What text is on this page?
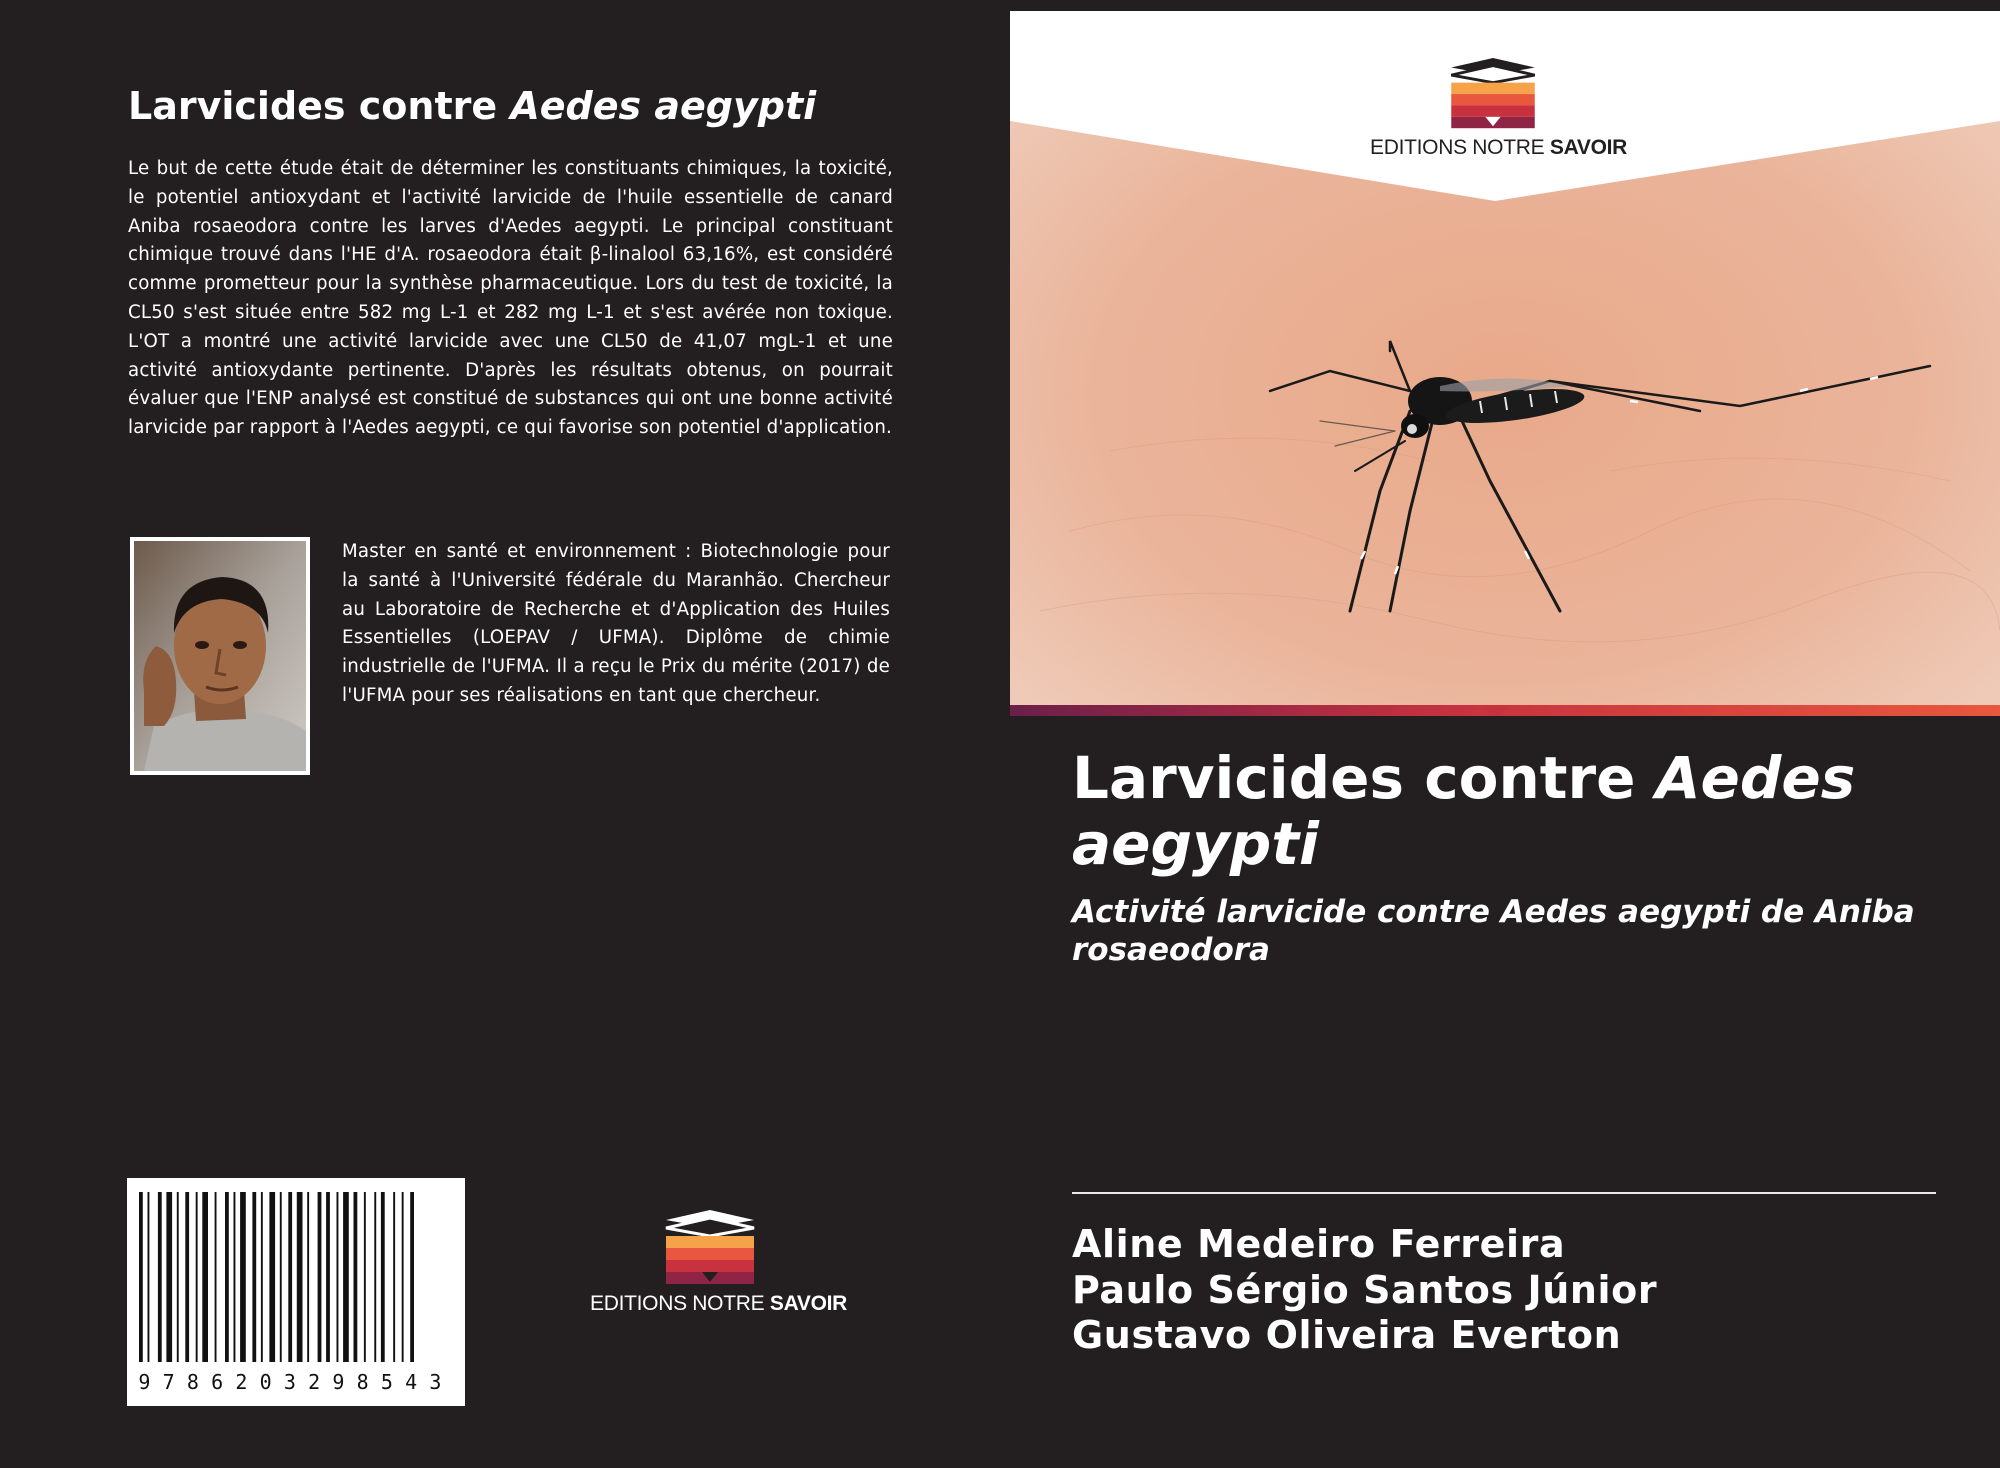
Larvicides contre Aedes aegypti
Le but de cette étude était de déterminer les constituants chimiques, la toxicité, le potentiel antioxydant et l'activité larvicide de l'huile essentielle de canard Aniba rosaeodora contre les larves d'Aedes aegypti. Le principal constituant chimique trouvé dans l'HE d'A. rosaeodora était β-linalool 63,16%, est considéré comme prometteur pour la synthèse pharmaceutique. Lors du test de toxicité, la CL50 s'est située entre 582 mg L-1 et 282 mg L-1 et s'est avérée non toxique. L'OT a montré une activité larvicide avec une CL50 de 41,07 mgL-1 et une activité antioxydante pertinente. D'après les résultats obtenus, on pourrait évaluer que l'ENP analysé est constitué de substances qui ont une bonne activité larvicide par rapport à l'Aedes aegypti, ce qui favorise son potentiel d'application.
Master en santé et environnement : Biotechnologie pour la santé à l'Université fédérale du Maranhão. Chercheur au Laboratoire de Recherche et d'Application des Huiles Essentielles (LOEPAV / UFMA). Diplôme de chimie industrielle de l'UFMA. Il a reçu le Prix du mérite (2017) de l'UFMA pour ses réalisations en tant que chercheur.
9786203298543
EDITIONS NOTRE SAVOIR
EDITIONS NOTRE SAVOIR
Larvicides contre Aedes aegypti
Activité larvicide contre Aedes aegypti de Aniba rosaeodora
Aline Medeiro Ferreira
Paulo Sérgio Santos Júnior
Gustavo Oliveira Everton
